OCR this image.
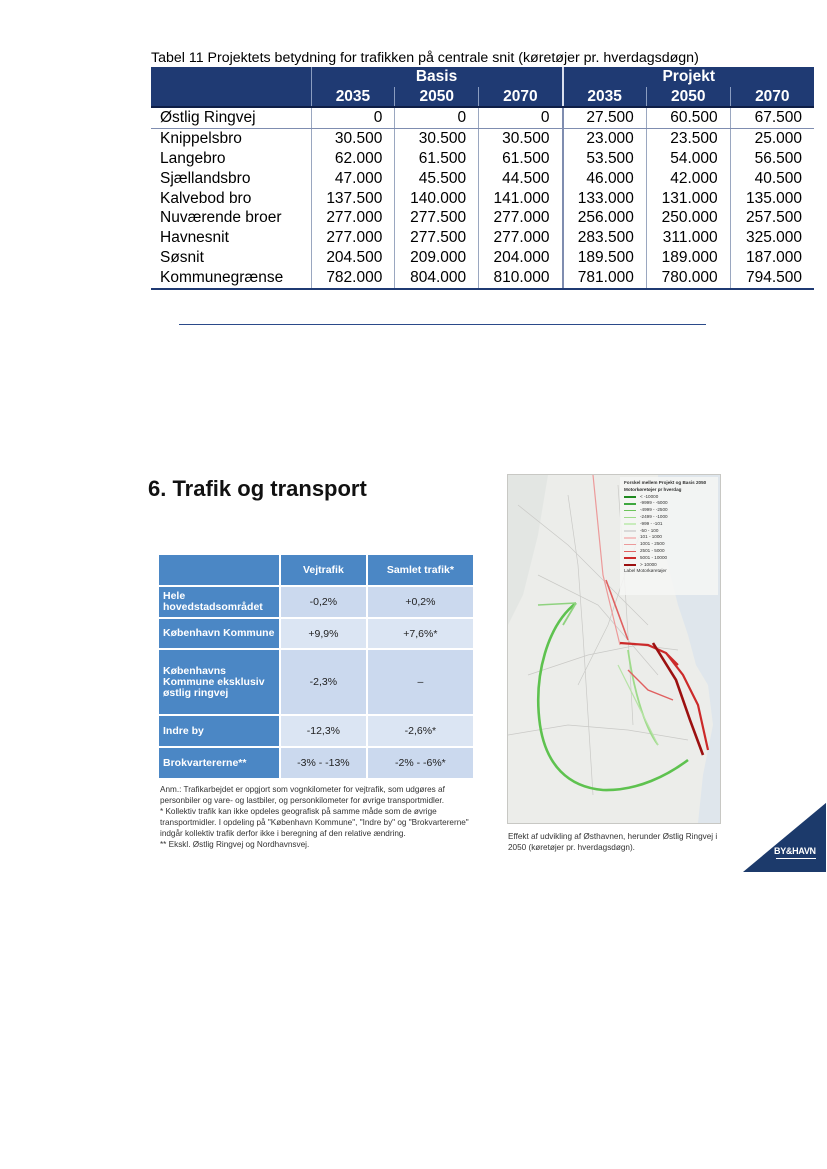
Tabel 11 Projektets betydning for trafikken på centrale snit (køretøjer pr. hverdagsdøgn)
	Basis			Projekt		
	2035	2050	2070	2035	2050	2070
Østlig Ringvej	0	0	0	27.500	60.500	67.500
Knippelsbro	30.500	30.500	30.500	23.000	23.500	25.000
Langebro	62.000	61.500	61.500	53.500	54.000	56.500
Sjællandsbro	47.000	45.500	44.500	46.000	42.000	40.500
Kalvebod bro	137.500	140.000	141.000	133.000	131.000	135.000
Nuværende broer	277.000	277.500	277.000	256.000	250.000	257.500
Havnesnit	277.000	277.500	277.000	283.500	311.000	325.000
Søsnit	204.500	209.000	204.000	189.500	189.000	187.000
Kommunegrænse	782.000	804.000	810.000	781.000	780.000	794.500
6. Trafik og transport
	Vejtrafik	Samlet trafik*
Hele hovedstadsområdet	-0,2%	+0,2%
København Kommune	+9,9%	+7,6%*
Københavns Kommune eksklusiv østlig ringvej	-2,3%	–
Indre by	-12,3%	-2,6%*
Brokvartererne**	-3% - -13%	-2% - -6%*

Anm.: Trafikarbejdet er opgjort som vognkilometer for vejtrafik, som udgøres af personbiler og vare- og lastbiler, og personkilometer for øvrige transportmidler.

* Kollektiv trafik kan ikke opdeles geografisk på samme måde som de øvrige transportmidler. I opdeling på "København Kommune", "Indre by" og "Brokvartererne" indgår kollektiv trafik derfor ikke i beregning af den relative ændring.

** Ekskl. Østlig Ringvej og Nordhavnsvej.

Forskel mellem Projekt og Basis 2050
Motorkøretøjer pr hverdag
< -10000
-9999 - -5000
-4999 - -2500
-2499 - -1000
-999 - -101
-50 - 100
101 - 1000
1001 - 2500
2501 - 5000
5001 - 10000
> 10000
Label Motorkøretøjer
Effekt af udvikling af Østhavnen, herunder Østlig Ringvej i 2050 (køretøjer pr. hverdagsdøgn).	BY&HAVN
